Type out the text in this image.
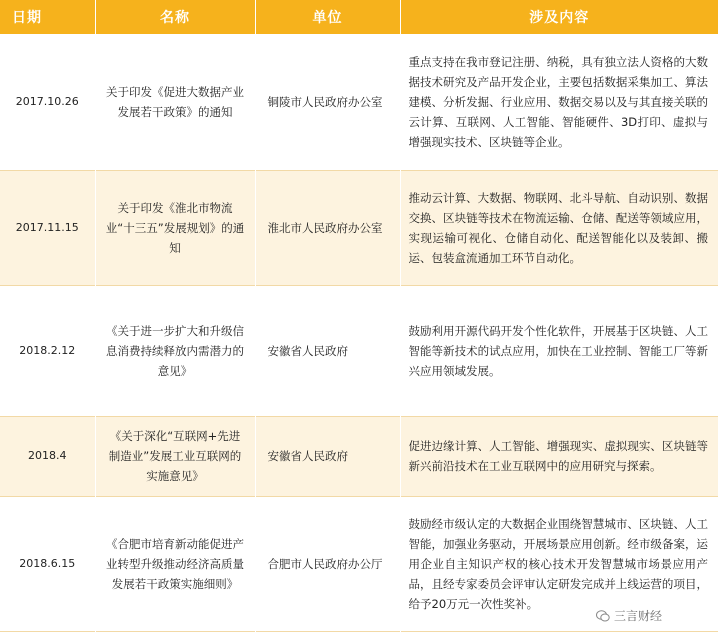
日期	名称	单位	涉及内容
2017.10.26	关于印发《促进大数据产业发展若干政策》的通知	铜陵市人民政府办公室	重点支持在我市登记注册、纳税，具有独立法人资格的大数据技术研究及产品开发企业，主要包括数据采集加工、算法建模、分析发掘、行业应用、数据交易以及与其直接关联的云计算、互联网、人工智能、智能硬件、3D打印、虚拟与增强现实技术、区块链等企业。
2017.11.15	关于印发《淮北市物流业“十三五”发展规划》的通知	淮北市人民政府办公室	推动云计算、大数据、物联网、北斗导航、自动识别、数据交换、区块链等技术在物流运输、仓储、配送等领域应用，实现运输可视化、仓储自动化、配送智能化以及装卸、搬运、包装盒流通加工环节自动化。
2018.2.12	《关于进一步扩大和升级信息消费持续释放内需潜力的意见》	安徽省人民政府	鼓励利用开源代码开发个性化软件，开展基于区块链、人工智能等新技术的试点应用，加快在工业控制、智能工厂等新兴应用领域发展。
2018.4	《关于深化“互联网+先进制造业”发展工业互联网的实施意见》	安徽省人民政府	促进边缘计算、人工智能、增强现实、虚拟现实、区块链等新兴前沿技术在工业互联网中的应用研究与探索。
2018.6.15	《合肥市培育新动能促进产业转型升级推动经济高质量发展若干政策实施细则》	合肥市人民政府办公厅	鼓励经市级认定的大数据企业围绕智慧城市、区块链、人工智能，加强业务驱动，开展场景应用创新。经市级备案，运用企业自主知识产权的核心技术开发智慧城市场景应用产品，且经专家委员会评审认定研发完成并上线运营的项目，给予20万元一次性奖补。
三言财经
